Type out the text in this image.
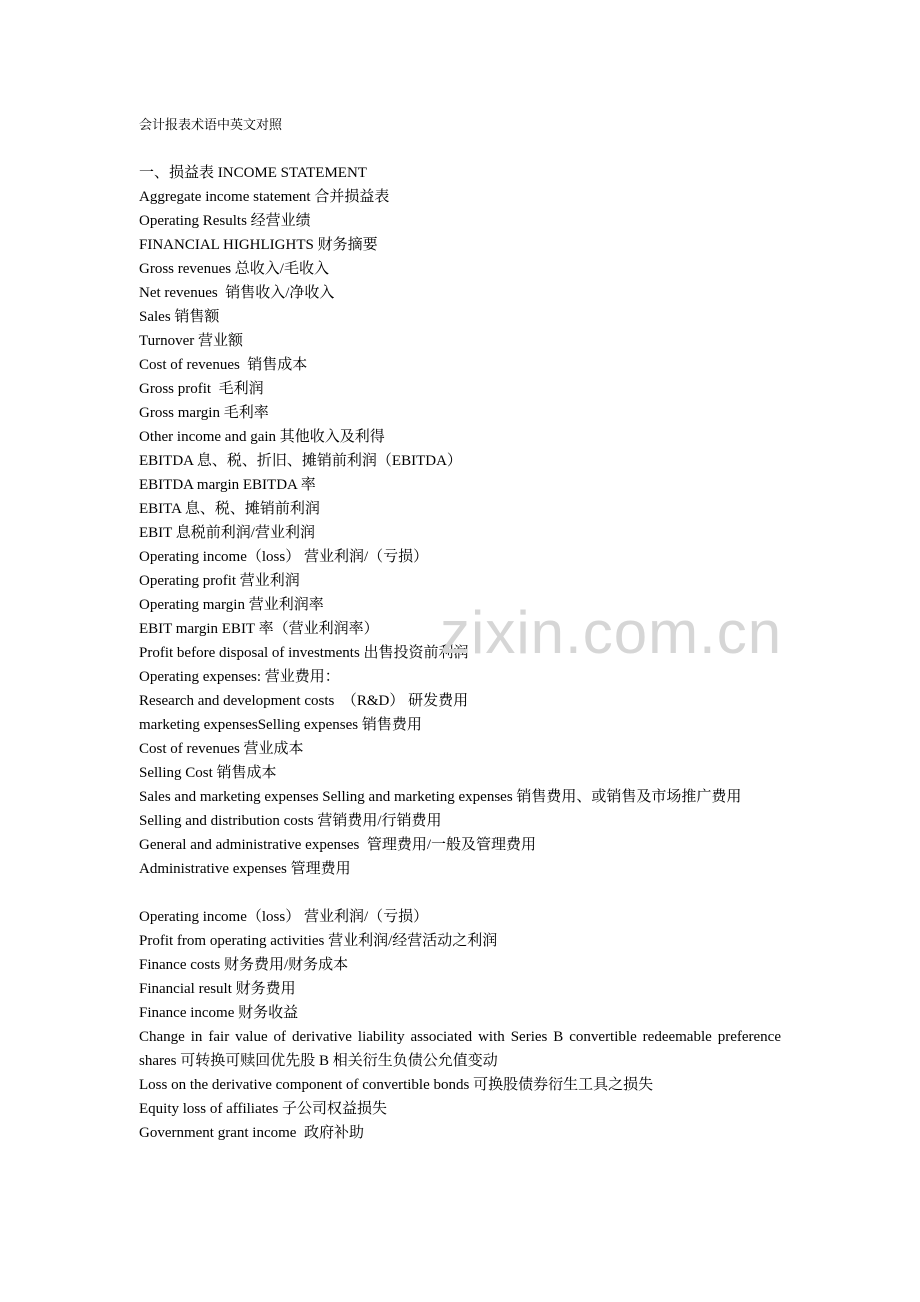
会计报表术语中英文对照
一、损益表 INCOME STATEMENT
Aggregate income statement 合并损益表
Operating Results 经营业绩
FINANCIAL HIGHLIGHTS 财务摘要
Gross revenues 总收入/毛收入
Net revenues  销售收入/净收入
Sales 销售额
Turnover 营业额
Cost of revenues  销售成本
Gross profit  毛利润
Gross margin 毛利率
Other income and gain 其他收入及利得
EBITDA 息、税、折旧、摊销前利润（EBITDA）
EBITDA margin EBITDA 率
EBITA 息、税、摊销前利润
EBIT 息税前利润/营业利润
Operating income（loss） 营业利润/（亏损）
Operating profit 营业利润
Operating margin 营业利润率
EBIT margin EBIT 率（营业利润率）
Profit before disposal of investments 出售投资前利润
Operating expenses: 营业费用：
Research and development costs  （R&D） 研发费用
marketing expensesSelling expenses 销售费用
Cost of revenues 营业成本
Selling Cost 销售成本
Sales and marketing expenses Selling and marketing expenses 销售费用、或销售及市场推广费用
Selling and distribution costs 营销费用/行销费用
General and administrative expenses  管理费用/一般及管理费用
Administrative expenses 管理费用
Operating income（loss） 营业利润/（亏损）
Profit from operating activities 营业利润/经营活动之利润
Finance costs 财务费用/财务成本
Financial result 财务费用
Finance income 财务收益
Change in fair value of derivative liability associated with Series B convertible redeemable preference shares 可转换可赎回优先股 B 相关衍生负债公允值变动
Loss on the derivative component of convertible bonds 可换股债券衍生工具之损失
Equity loss of affiliates 子公司权益损失
Government grant income  政府补助
zixin.com.cn
